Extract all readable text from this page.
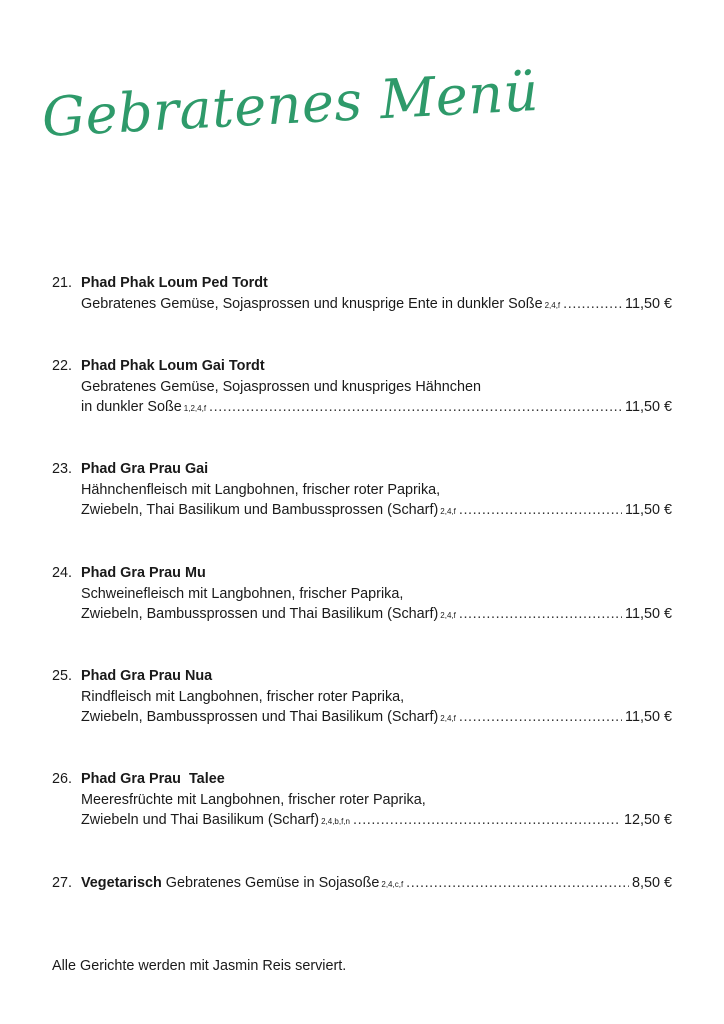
Gebratenes Menü
21. Phad Phak Loum Ped Tordt
Gebratenes Gemüse, Sojasprossen und knusprige Ente in dunkler Soße 2,4,f .....	11,50 €
22. Phad Phak Loum Gai Tordt
Gebratenes Gemüse, Sojasprossen und knuspriges Hähnchen
in dunkler Soße 1,2,4,f .....	11,50 €
23. Phad Gra Prau Gai
Hähnchenfleisch mit Langbohnen, frischer roter Paprika,
Zwiebeln, Thai Basilikum und Bambussprossen (Scharf) 2,4,f .....	11,50 €
24. Phad Gra Prau Mu
Schweinefleisch mit Langbohnen, frischer Paprika,
Zwiebeln, Bambussprossen und Thai Basilikum (Scharf) 2,4,f .....	11,50 €
25. Phad Gra Prau Nua
Rindfleisch mit Langbohnen, frischer roter Paprika,
Zwiebeln, Bambussprossen und Thai Basilikum (Scharf) 2,4,f .....	11,50 €
26. Phad Gra Prau  Talee
Meeresfrüchte mit Langbohnen, frischer roter Paprika,
Zwiebeln und Thai Basilikum (Scharf) 2,4,b,f,n .....	12,50 €
27. Vegetarisch Gebratenes Gemüse in Sojasoße 2,4,c,f .....	8,50 €
Alle Gerichte werden mit Jasmin Reis serviert.
